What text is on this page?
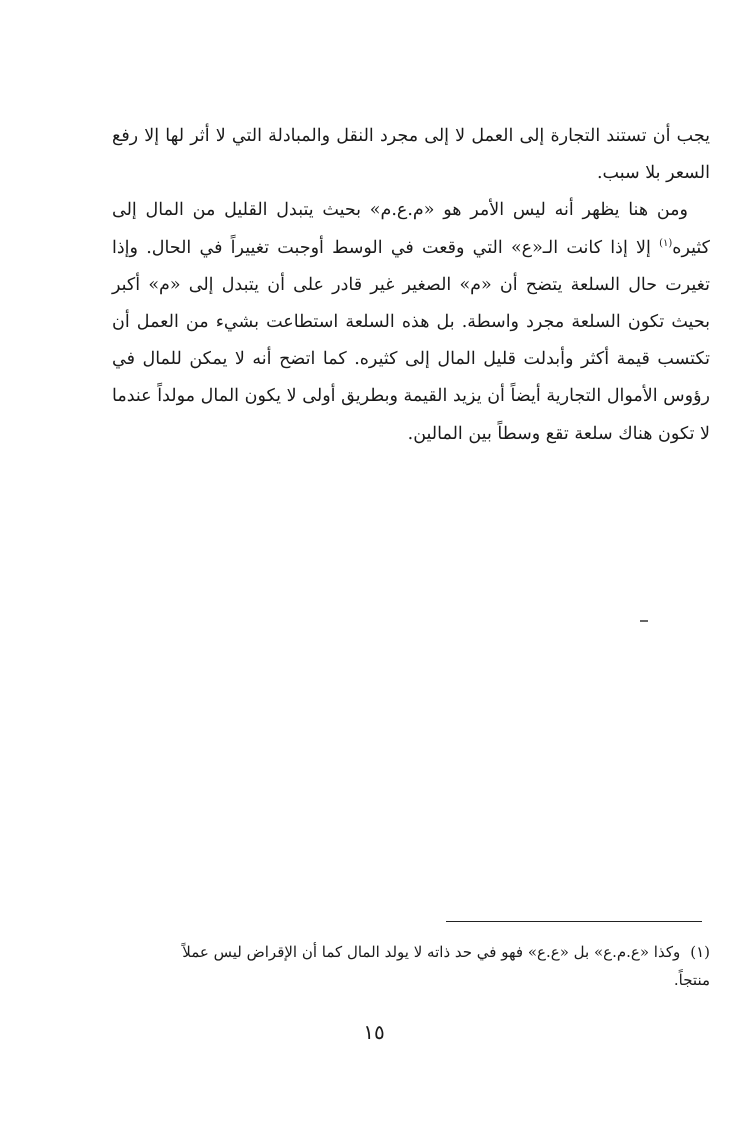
يجب أن تستند التجارة إلى العمل لا إلى مجرد النقل والمبادلة التي لا أثر لها إلا رفع السعر بلا سبب.

ومن هنا يظهر أنه ليس الأمر هو «م.ع.م» بحيث يتبدل القليل من المال إلى كثيره$^{(١)}$ إلا إذا كانت الـ«ع» التي وقعت في الوسط أوجبت تغييراً في الحال. وإذا تغيرت حال السلعة يتضح أن «م» الصغير غير قادر على أن يتبدل إلى «م» أكبر بحيث تكون السلعة مجرد واسطة. بل هذه السلعة استطاعت بشيء من العمل أن تكتسب قيمة أكثر وأبدلت قليل المال إلى كثيره. كما اتضح أنه لا يمكن للمال في رؤوس الأموال التجارية أيضاً أن يزيد القيمة وبطريق أولى لا يكون المال مولداً عندما لا تكون هناك سلعة تقع وسطاً بين المالين.

(١)وكذا «ع.م.ع» بل «ع.ع» فهو في حد ذاته لا يولد المال كما أن الإقراض ليس عملاً
منتجاً.

١٥
